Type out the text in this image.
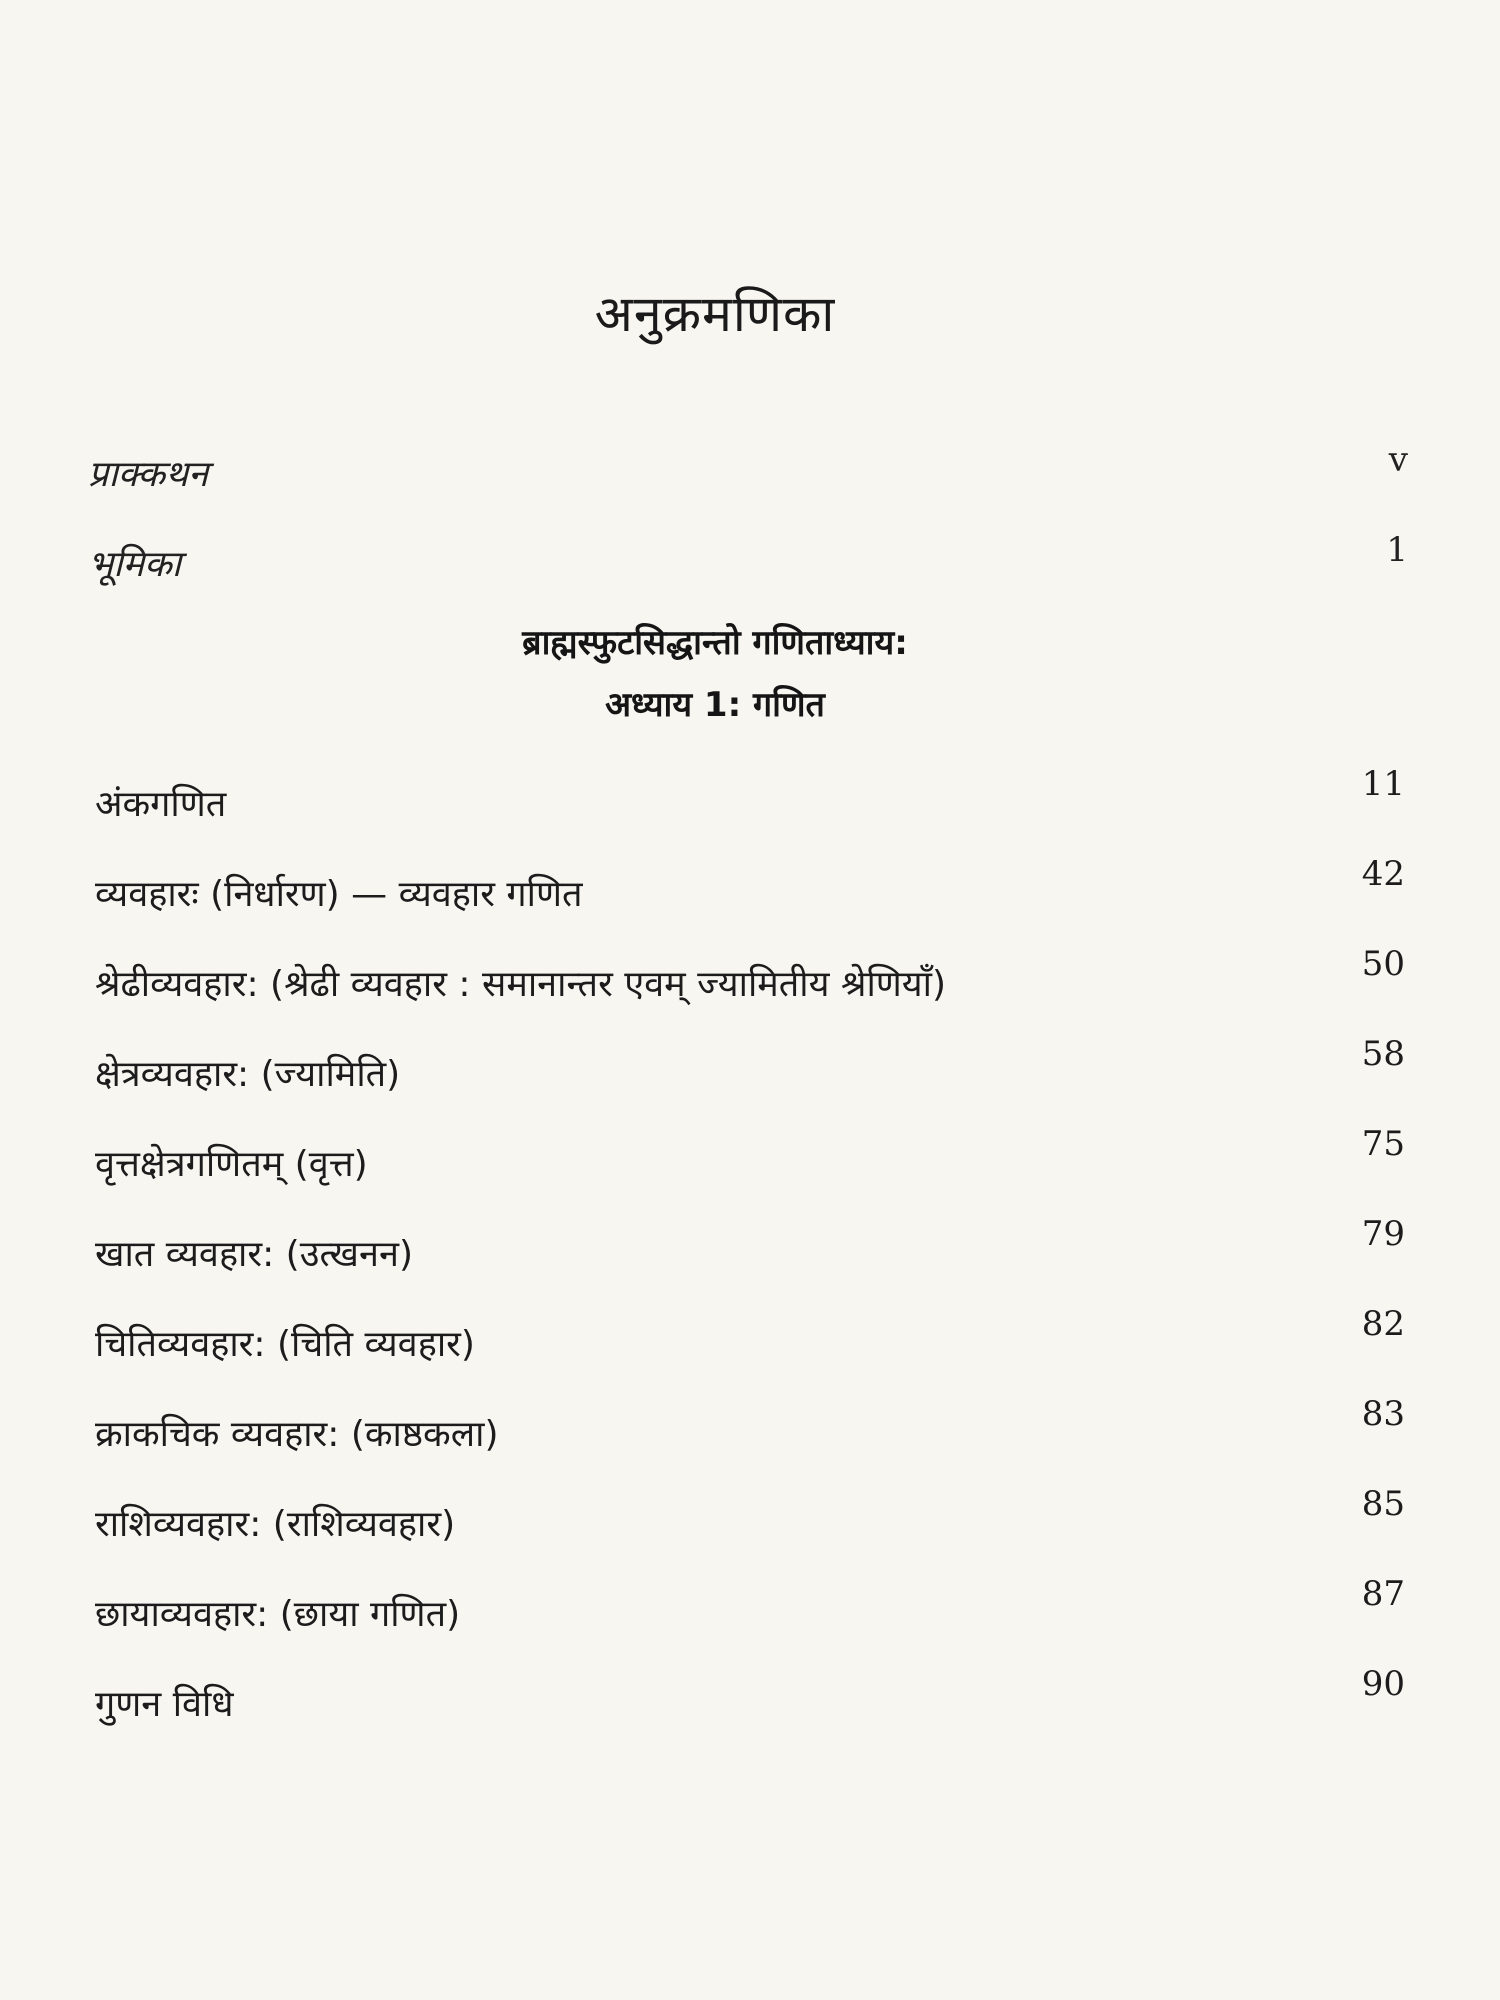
अनुक्रमणिका
प्राक्कथन	v
भूमिका	1
ब्राह्मस्फुटसिद्धान्तो गणिताध्याय:
अध्याय 1: गणित
अंकगणित	11
व्यवहारः (निर्धारण) — व्यवहार गणित	42
श्रेढीव्यवहार: (श्रेढी व्यवहार : समानान्तर एवम् ज्यामितीय श्रेणियाँ)	50
क्षेत्रव्यवहार: (ज्यामिति)	58
वृत्तक्षेत्रगणितम् (वृत्त)	75
खात व्यवहार: (उत्खनन)	79
चितिव्यवहार: (चिति व्यवहार)	82
क्राकचिक व्यवहार: (काष्ठकला)	83
राशिव्यवहार: (राशिव्यवहार)	85
छायाव्यवहार: (छाया गणित)	87
गुणन विधि	90
